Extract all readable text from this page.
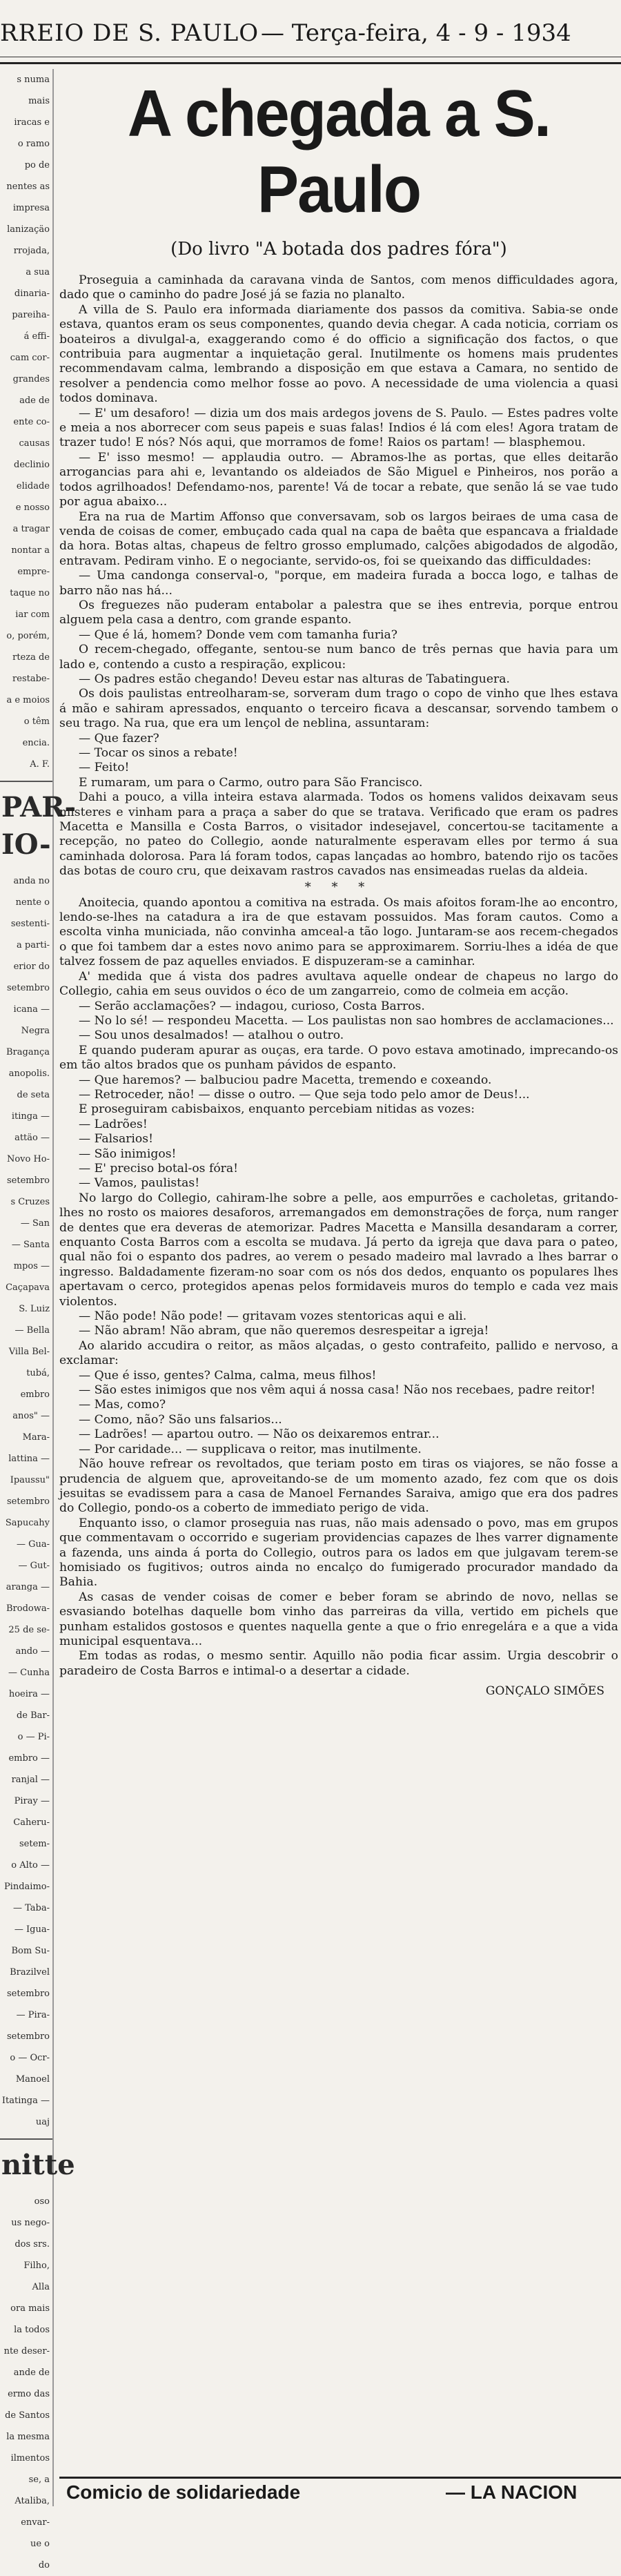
RREIO DE S. PAULO — Terça-feira, 4 - 9 - 1934
s numa
mais
iracas e
o ramo
po de
nentes as
impresa
lanizaçäo
rrojada,
a sua
dinaria-
pareiha-
á effi-
cam cor-
grandes
ade de
ente co-
causas
declinio
elidade
e nosso
a tragar
nontar a
empre-
taque no
iar com
o, porém,
rteza de
restabe-
a e moios
o têm
encia.
A. F.
PAR-
IO-
anda no
nente o
sestenti-
a parti-
erior do
setembro
icana —
Negra
Bragança
anopolis.
de seta
itinga —
attäo —
Novo Ho-
setembro
s Cruzes
— San
— Santa
mpos —
Caçapava
S. Luiz
— Bella
Villa Bel-
tubá,
embro
anos" —
Mara-
lattina —
Ipaussu"
setembro
Sapucahy
— Gua-
— Gut-
aranga —
Brodowa-
25 de se-
ando —
— Cunha
hoeira —
de Bar-
o — Pi-
embro —
ranjal —
Piray —
Caheru-
setem-
o Alto —
Pindaimo-
— Taba-
— Igua-
Bom Su-
Brazilvel
setembro
— Pira-
setembro
o — Ocr-
Manoel
Itatinga —
uaj
nitte
oso
us nego-
dos srs.
Filho,
Alla
ora mais
la todos
nte deser-
ande de
ermo das
de Santos
la mesma
ilmentos
se, a
Ataliba,
envar-
ue o
do
A chegada a S. Paulo
(Do livro "A botada dos padres fóra")

Proseguia a caminhada da caravana vinda de Santos, com menos difficuldades agora, dado que o caminho do padre José já se fazia no planalto.

A villa de S. Paulo era informada diariamente dos passos da comitiva. Sabia-se onde estava, quantos eram os seus componentes, quando devia chegar. A cada noticia, corriam os boateiros a divulgal-a, exaggerando como é do officio a significação dos factos, o que contribuia para augmentar a inquietação geral. Inutilmente os homens mais prudentes recommendavam calma, lembrando a disposição em que estava a Camara, no sentido de resolver a pendencia como melhor fosse ao povo. A necessidade de uma violencia a quasi todos dominava.

— E' um desaforo! — dizia um dos mais ardegos jovens de S. Paulo. — Estes padres volte e meia a nos aborrecer com seus papeis e suas falas! Indios é lá com eles! Agora tratam de trazer tudo! E nós? Nós aqui, que morramos de fome! Raios os partam! — blasphemou.

— E' isso mesmo! — applaudia outro. — Abramos-lhe as portas, que elles deitarão arrogancias para ahi e, levantando os aldeiados de São Miguel e Pinheiros, nos porão a todos agrilhoados! Defendamo-nos, parente! Vá de tocar a rebate, que senão lá se vae tudo por agua abaixo...

Era na rua de Martim Affonso que conversavam, sob os largos beiraes de uma casa de venda de coisas de comer, embuçado cada qual na capa de baêta que espancava a frialdade da hora. Botas altas, chapeus de feltro grosso emplumado, calções abigodados de algodão, entravam. Pediram vinho. E o negociante, servido-os, foi se queixando das difficuldades:

— Uma candonga conserval-o, "porque, em madeira furada a bocca logo, e talhas de barro não nas há...

Os freguezes não puderam entabolar a palestra que se ihes entrevia, porque entrou alguem pela casa a dentro, com grande espanto.

— Que é lá, homem? Donde vem com tamanha furia?

O recem-chegado, offegante, sentou-se num banco de três pernas que havia para um lado e, contendo a custo a respiração, explicou:

— Os padres estão chegando! Deveu estar nas alturas de Tabatinguera.

Os dois paulistas entreolharam-se, sorveram dum trago o copo de vinho que lhes estava á mão e sahiram apressados, enquanto o terceiro ficava a descansar, sorvendo tambem o seu trago. Na rua, que era um lençol de neblina, assuntaram:

— Que fazer?

— Tocar os sinos a rebate!

— Feito!

E rumaram, um para o Carmo, outro para São Francisco.

Dahi a pouco, a villa inteira estava alarmada. Todos os homens validos deixavam seus misteres e vinham para a praça a saber do que se tratava. Verificado que eram os padres Macetta e Mansilla e Costa Barros, o visitador indesejavel, concertou-se tacitamente a recepção, no pateo do Collegio, aonde naturalmente esperavam elles por termo á sua caminhada dolorosa. Para lá foram todos, capas lançadas ao hombro, batendo rijo os tacões das botas de couro cru, que deixavam rastros cavados nas ensimeadas ruelas da aldeia.

* * *

Anoitecia, quando apontou a comitiva na estrada. Os mais afoitos foram-lhe ao encontro, lendo-se-lhes na catadura a ira de que estavam possuidos. Mas foram cautos. Como a escolta vinha municiada, não convinha amceal-a tão logo. Juntaram-se aos recem-chegados o que foi tambem dar a estes novo animo para se approximarem. Sorriu-lhes a idéa de que talvez fossem de paz aquelles enviados. E dispuzeram-se a caminhar.

A' medida que á vista dos padres avultava aquelle ondear de chapeus no largo do Collegio, cahia em seus ouvidos o éco de um zangarreio, como de colmeia em acção.

— Serão acclamações? — indagou, curioso, Costa Barros.

— No lo sé! — respondeu Macetta. — Los paulistas non sao hombres de acclamaciones...

— Sou unos desalmados! — atalhou o outro.

E quando puderam apurar as ouças, era tarde. O povo estava amotinado, imprecando-os em tão altos brados que os punham pávidos de espanto.

— Que haremos? — balbuciou padre Macetta, tremendo e coxeando.

— Retroceder, não! — disse o outro. — Que seja todo pelo amor de Deus!...

E proseguiram cabisbaixos, enquanto percebiam nitidas as vozes:

— Ladrões!

— Falsarios!

— São inimigos!

— E' preciso botal-os fóra!

— Vamos, paulistas!

No largo do Collegio, cahiram-lhe sobre a pelle, aos empurrões e cacholetas, gritando-lhes no rosto os maiores desaforos, arremangados em demonstrações de força, num ranger de dentes que era deveras de atemorizar. Padres Macetta e Mansilla desandaram a correr, enquanto Costa Barros com a escolta se mudava. Já perto da igreja que dava para o pateo, qual não foi o espanto dos padres, ao verem o pesado madeiro mal lavrado a lhes barrar o ingresso. Baldadamente fizeram-no soar com os nós dos dedos, enquanto os populares lhes apertavam o cerco, protegidos apenas pelos formidaveis muros do templo e cada vez mais violentos.

— Não pode! Não pode! — gritavam vozes stentoricas aqui e ali.

— Não abram! Não abram, que não queremos desrespeitar a igreja!

Ao alarido accudira o reitor, as mãos alçadas, o gesto contrafeito, pallido e nervoso, a exclamar:

— Que é isso, gentes? Calma, calma, meus filhos!

— São estes inimigos que nos vêm aqui á nossa casa! Não nos recebaes, padre reitor!

— Mas, como?

— Como, não? São uns falsarios...

— Ladrões! — apartou outro. — Não os deixaremos entrar...

— Por caridade... — supplicava o reitor, mas inutilmente.

Não houve refrear os revoltados, que teriam posto em tiras os viajores, se não fosse a prudencia de alguem que, aproveitando-se de um momento azado, fez com que os dois jesuitas se evadissem para a casa de Manoel Fernandes Saraiva, amigo que era dos padres do Collegio, pondo-os a coberto de immediato perigo de vida.

Enquanto isso, o clamor proseguia nas ruas, não mais adensado o povo, mas em grupos que commentavam o occorrido e sugeriam providencias capazes de lhes varrer dignamente a fazenda, uns ainda á porta do Collegio, outros para os lados em que julgavam terem-se homisiado os fugitivos; outros ainda no encalço do fumigerado procurador mandado da Bahia.

As casas de vender coisas de comer e beber foram se abrindo de novo, nellas se esvasiando botelhas daquelle bom vinho das parreiras da villa, vertido em pichels que punham estalidos gostosos e quentes naquella gente a que o frio enregelára e a que a vida municipal esquentava...

Em todas as rodas, o mesmo sentir. Aquillo não podia ficar assim. Urgia descobrir o paradeiro de Costa Barros e intimal-o a desertar a cidade.

GONÇALO SIMÕES
Comicio de solidariedade	— LA NACION
